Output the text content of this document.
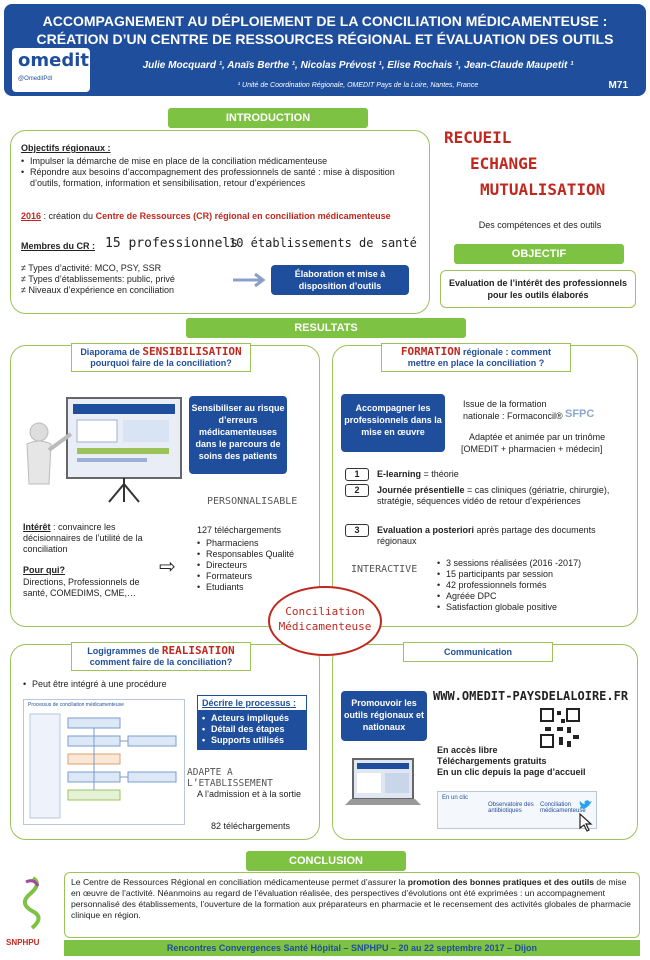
ACCOMPAGNEMENT AU DÉPLOIEMENT DE LA CONCILIATION MÉDICAMENTEUSE :
CRÉATION D’UN CENTRE DE RESSOURCES RÉGIONAL ET ÉVALUATION DES OUTILS
omedit
@OmeditPdl
Julie Mocquard ¹, Anaïs Berthe ¹, Nicolas Prévost ¹, Elise Rochais ¹, Jean-Claude Maupetit ¹
¹ Unité de Coordination Régionale, OMEDIT Pays de la Loire, Nantes, France	M71
INTRODUCTION
Objectifs régionaux :
• Impulser la démarche de mise en place de la conciliation médicamenteuse
• Répondre aux besoins d’accompagnement des professionnels de santé : mise à disposition d’outils, formation, information et sensibilisation, retour d’expériences
2016 : création du Centre de Ressources (CR) régional en conciliation médicamenteuse
Membres du CR : 15 professionnels
10 établissements de santé
≠ Types d’activité: MCO, PSY, SSR
≠ Types d’établissements: public, privé
≠ Niveaux d’expérience en conciliation
Élaboration et mise à disposition d’outils
RECUEIL
ECHANGE
MUTUALISATION
Des compétences et des outils
OBJECTIF
Evaluation de l’intérêt des professionnels pour les outils élaborés
RESULTATS
Diaporama de SENSIBILISATION
pourquoi faire de la conciliation?
Sensibiliser au risque d’erreurs médicamenteuses dans le parcours de soins des patients
PERSONNALISABLE
127 téléchargements
• Pharmaciens
• Responsables Qualité
• Directeurs
• Formateurs
• Etudiants
⇨
Intérêt : convaincre les décisionnaires de l’utilité de la conciliation
Pour qui?
Directions, Professionnels de santé, COMEDIMS, CME,…
FORMATION régionale : comment
mettre en place la conciliation ?
Accompagner les professionnels dans la mise en œuvre
Issue de la formation nationale : Formaconcil® SFPC
Adaptée et animée par un trinôme
[OMEDIT + pharmacien + médecin]
1	E-learning = théorie
2	Journée présentielle = cas cliniques (gériatrie, chirurgie), stratégie, séquences vidéo de retour d’expériences
3	Evaluation a posteriori après partage des documents régionaux
INTERACTIVE
• 3 sessions réalisées (2016 -2017)
• 15 participants par session
• 42 professionnels formés
• Agréée DPC
• Satisfaction globale positive
Conciliation
Médicamenteuse
Logigrammes de REALISATION
comment faire de la conciliation?
• Peut être intégré à une procédure
Processus de conciliation médicamenteuse	Décrire le processus :
• Acteurs impliqués
• Détail des étapes
• Supports utilisés
ADAPTE A L’ETABLISSEMENT
A l’admission et à la sortie
82 téléchargements
Communication
Promouvoir les outils régionaux et nationaux
WWW.OMEDIT-PAYSDELALOIRE.FR
En accès libre
Téléchargements gratuits
En un clic depuis la page d’accueil
En un clic
Observatoire des antibiotiques
Conciliation médicamenteuse
CONCLUSION
SNPHPU
Le Centre de Ressources Régional en conciliation médicamenteuse permet d’assurer la promotion des bonnes pratiques et des outils de mise en œuvre de l’activité. Néanmoins au regard de l’évaluation réalisée, des perspectives d’évolutions ont été exprimées : un accompagnement personnalisé des établissements, l’ouverture de la formation aux préparateurs en pharmacie et le recensement des activités globales de pharmacie clinique en région.
Rencontres Convergences Santé Hôpital – SNPHPU – 20 au 22 septembre 2017 – Dijon
